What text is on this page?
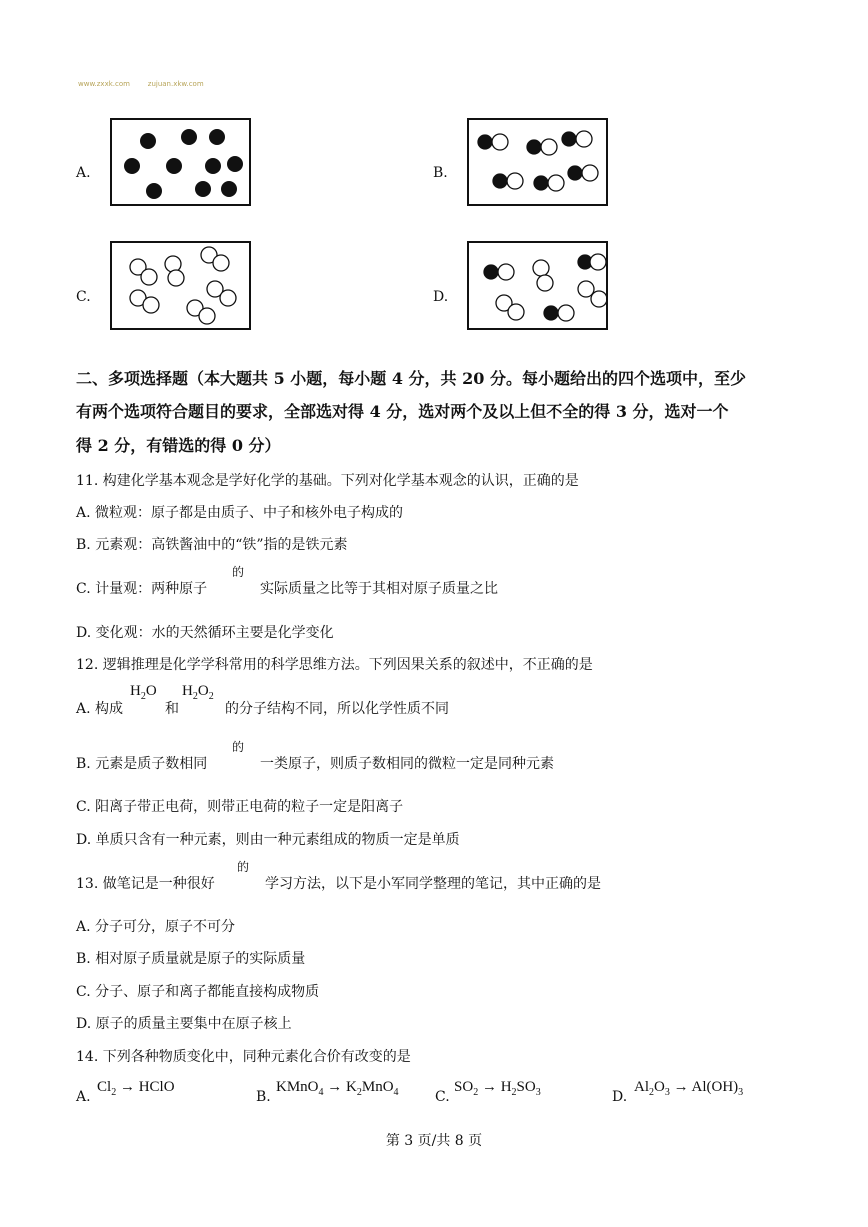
www.zxxk.com	zujuan.xkw.com
A.	B.
C.	D.
二、多项选择题（本大题共 5 小题，每小题 4 分，共 20 分。每小题给出的四个选项中，至少
有两个选项符合题目的要求，全部选对得 4 分，选对两个及以上但不全的得 3 分，选对一个
得 2 分，有错选的得 0 分）
11. 构建化学基本观念是学好化学的基础。下列对化学基本观念的认识，正确的是
A. 微粒观：原子都是由质子、中子和核外电子构成的
B. 元素观：高铁酱油中的“铁”指的是铁元素
C. 计量观：两种原子
的
实际质量之比等于其相对原子质量之比
D. 变化观：水的天然循环主要是化学变化
12. 逻辑推理是化学学科常用的科学思维方法。下列因果关系的叙述中，不正确的是
A. 构成
$H_2O$
和
$H_2O_2$
的分子结构不同，所以化学性质不同
B. 元素是质子数相同
的
一类原子，则质子数相同的微粒一定是同种元素
C. 阳离子带正电荷，则带正电荷的粒子一定是阳离子
D. 单质只含有一种元素，则由一种元素组成的物质一定是单质
13. 做笔记是一种很好
的
学习方法，以下是小军同学整理的笔记，其中正确的是
A. 分子可分，原子不可分
B. 相对原子质量就是原子的实际质量
C. 分子、原子和离子都能直接构成物质
D. 原子的质量主要集中在原子核上
14. 下列各种物质变化中，同种元素化合价有改变的是
A.
$Cl_2$ → HClO
B.
KMnO$_4$ → $K_2MnO_4$	C.
$SO_2 \to H_2SO_3$	D.
$Al_2O_3 \to Al(OH)_3$
第 3 页/共 8 页
